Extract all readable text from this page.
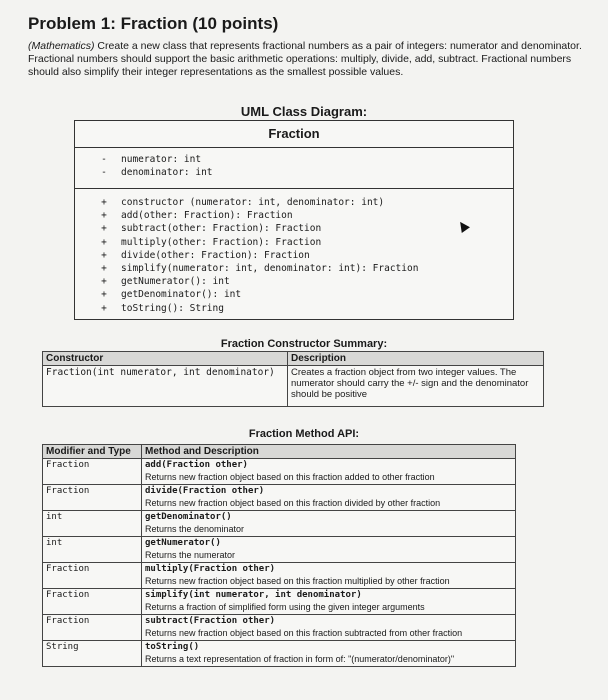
Problem 1: Fraction (10 points)
(Mathematics) Create a new class that represents fractional numbers as a pair of integers: numerator and denominator. Fractional numbers should support the basic arithmetic operations: multiply, divide, add, subtract. Fractional numbers should also simplify their integer representations as the smallest possible values.
UML Class Diagram:
Fraction
- numerator: int
- denominator: int
+ constructor (numerator: int, denominator: int)
+ add(other: Fraction): Fraction
+ subtract(other: Fraction): Fraction
+ multiply(other: Fraction): Fraction
+ divide(other: Fraction): Fraction
+ simplify(numerator: int, denominator: int): Fraction
+ getNumerator(): int
+ getDenominator(): int
+ toString(): String
Fraction Constructor Summary:
Constructor	Description
Fraction(int numerator, int denominator)	Creates a fraction object from two integer values. The numerator should carry the +/- sign and the denominator should be positive
Fraction Method API:
Modifier and Type	Method and Description
Fraction	add(Fraction other)
Returns new fraction object based on this fraction added to other fraction

Fraction	divide(Fraction other)
Returns new fraction object based on this fraction divided by other fraction

int	getDenominator()
Returns the denominator

int	getNumerator()
Returns the numerator

Fraction	multiply(Fraction other)
Returns new fraction object based on this fraction multiplied by other fraction

Fraction	simplify(int numerator, int denominator)
Returns a fraction of simplified form using the given integer arguments

Fraction	subtract(Fraction other)
Returns new fraction object based on this fraction subtracted from other fraction

String	toString()
Returns a text representation of fraction in form of: "(numerator/denominator)"
